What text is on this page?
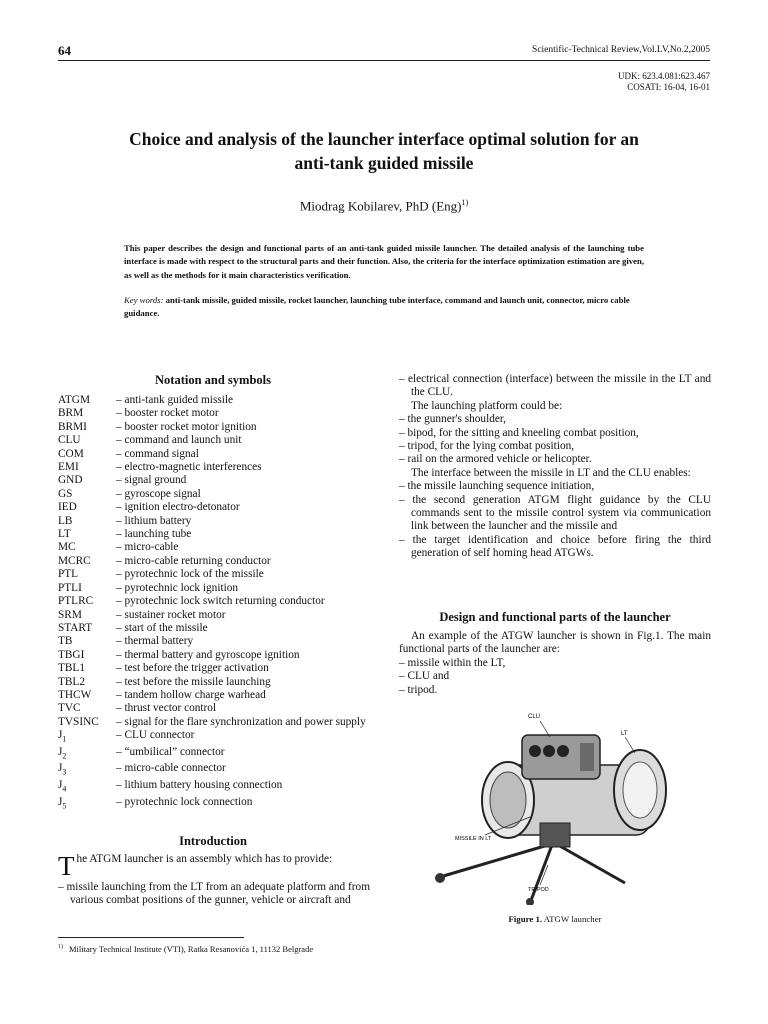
64	Scientific-Technical Review,Vol.LV,No.2,2005
UDK: 623.4.081:623.467
COSATI: 16-04, 16-01
Choice and analysis of the launcher interface optimal solution for an
anti-tank guided missile
Miodrag Kobilarev, PhD (Eng)$^{1)}$
This paper describes the design and functional parts of an anti-tank guided missile launcher. The detailed analysis of the launching tube interface is made with respect to the structural parts and their function. Also, the criteria for the interface optimization estimation are given, as well as the methods for it main characteristics verification.
Key words: anti-tank missile, guided missile, rocket launcher, launching tube interface, command and launch unit, connector, micro cable guidance.
Notation and symbols
ATGM	– anti-tank guided missile
BRM	– booster rocket motor
BRMI	– booster rocket motor ignition
CLU	– command and launch unit
COM	– command signal
EMI	– electro-magnetic interferences
GND	– signal ground
GS	– gyroscope signal
IED	– ignition electro-detonator
LB	– lithium battery
LT	– launching tube
MC	– micro-cable
MCRC	– micro-cable returning conductor
PTL	– pyrotechnic lock of the missile
PTLI	– pyrotechnic lock ignition
PTLRC	– pyrotechnic lock switch returning conductor
SRM	– sustainer rocket motor
START	– start of the missile
TB	– thermal battery
TBGI	– thermal battery and gyroscope ignition
TBL1	– test before the trigger activation
TBL2	– test before the missile launching
THCW	– tandem hollow charge warhead
TVC	– thrust vector control
TVSINC	– signal for the flare synchronization and power supply
$J_1$	– CLU connector
$J_2$	– “umbilical” connector
$J_3$	– micro-cable connector
$J_4$	– lithium battery housing connection
$J_5$	– pyrotechnic lock connection
Introduction
The ATGM launcher is an assembly which has to provide:
– missile launching from the LT from an adequate platform and from various combat positions of the gunner, vehicle or aircraft and
$^{1)}$ Military Technical Institute (VTI), Ratka Resanovića 1, 11132 Belgrade
– electrical connection (interface) between the missile in the LT and the CLU.
The launching platform could be:
– the gunner's shoulder,
– bipod, for the sitting and kneeling combat position,
– tripod, for the lying combat position,
– rail on the armored vehicle or helicopter.
The interface between the missile in LT and the CLU enables:
– the missile launching sequence initiation,
– the second generation ATGM flight guidance by the CLU commands sent to the missile control system via communication link between the launcher and the missile and
– the target identification and choice before firing the third generation of self homing head ATGWs.
Design and functional parts of the launcher
An example of the ATGW launcher is shown in Fig.1. The main functional parts of the launcher are:
– missile within the LT,
– CLU and
– tripod.
CLU
LT
MISSILE IN LT
TRIPOD
Figure 1. ATGW launcher
